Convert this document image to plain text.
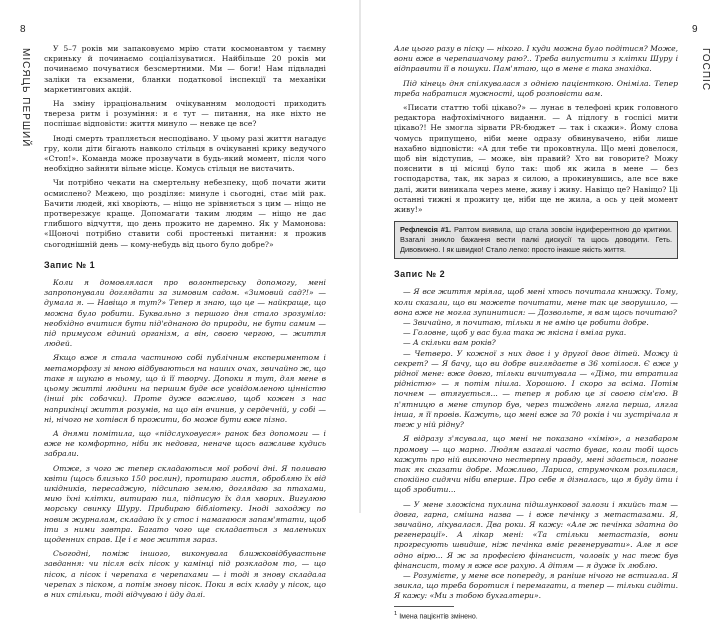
8
МІСЯЦЬ ПЕРШИЙ	У 5–7 років ми запаковуємо мрію стати космонавтом у таємну скриньку й починаємо соціалізуватися. Найбільше 20 років ми починаємо почуватися безсмертними. Ми — боги! Нам підвладні заліки та екзамени, бланки податкової інспекції та механіки маркетингових акцій.

На зміну ірраціональним очікуванням молодості приходить твереза ритм і розуміння: я є тут — питання, на яке ніхто не поспішає відповісти: життя минуло — невже це все?

Іноді смерть трапляється несподівано. У цьому разі життя нагадує гру, коли діти бігають навколо стільця в очікуванні крику ведучого «Стоп!». Команда може прозвучати в будь-який момент, після чого необхідно зайняти вільне місце. Комусь стільця не вистачить.

Чи потрібно чекати на смертельну небезпеку, щоб почати жити осмислено? Межею, що розділяє: минуле і сьогодні, стає мій рак. Бачити людей, які хворіють, — ніщо не зрівняється з цим — ніщо не протверезжує краще. Допомагати таким людям — ніщо не дає глибшого відчуття, що день прожито не даремно. Як у Мамонова: «Щоночі потрібно ставити собі простенькі питання: я прожив сьогоднішній день — кому-небудь від цього було добре?»

Запис № 1

Коли я домовлялася про волонтерську допомогу, мені запропонували доглядати за зимовим садом. «Зимовий сад?!» — думала я. — Навіщо я тут?» Тепер я знаю, що це — найкраще, що можна було робити. Буквально з першого дня стало зрозуміло: необхідно вчитися бути під'єднаною до природи, не бути самим — під примусом єдиний організм, а він, своєю чергою, — життя людей.

Якщо вже я стала частиною собі публічним експериментом і метаморфозу зі мною відбуваються на наших очах, звичайно ж, що таке я шукаю в ньому, що й її творчу. Допоки я тут, для мене в цьому житті людини на першим буде все усвідомленою цінністю (інші рік собачки). Проте дуже важливо, щоб кожен з нас наприкінці життя розумів, на що він вчинив, у сердечній, у собі — ні, нічого не хотівся б прожити, бо може бути вже пізно.

А днями помітила, що «підслуховуєся» ранок без допомоги — і вже не комфортно, ніби як недовга, неначе щось важливе кудись забрали.

Отже, з чого ж тепер складаються мої робочі дні. Я поливаю квіти (щось близько 150 рослин), протираю листя, обробляю їх від шкідників, пересаджую, підсипаю землю, доглядаю за птахами, мию їхні клітки, витираю пил, підписую їх для хворих. Вигулюю морську свинку Шуру. Прибираю бібліотеку. Іноді заходжу по новим журналам, складаю їх у стос і намагаюся запам'ятати, щоб іти з ними завтра. Багато чого ще складається з маленьких щоденних справ. Це і є моє життя зараз.

Сьогодні, поміж іншого, виконувала ближковідбувастьне завдання: чи після всіх пісок у камінці під розкладом то, — що пісок, а пісок і черепаха є черепахами — і тоді я знову складала черепах з піском, а потім знову пісок. Поки я всіх кладу у пісок, що в них стільки, тоді відчуваю і йду далі.

9
ГОСПІС

Але цього разу в піску — нікого. І куди можна було подітися? Може, вони вже в черепашачому раю?.. Треба випустити з клітки Шуру і відправити її в пошуки. Пам'ятаю, що в мене є така знахідка.

Під кінець дня спілкувалася з однією пацієнткою. Оніміла. Тепер треба набратися мужності, щоб розповісти вам.

«Писати статтю тобі цікаво?» — лунає в телефоні крик головного редактора нафтохімічного видання. — А підлогу в госпісі мити цікаво?! Не змогла зірвати PR-бюджет — так і скажи». Йому слова чомусь припущено, ніби мене одразу обвинувачено, ніби лише нахабно відповісти: «А для тебе ти проковтнула. Що мені довелося, щоб він відступив, — може, він правий? Хто ви говорите? Можу пояснити в ці місяці було так: щоб як жила в мене — без господарства, так, як зараз я силою, а прокинувшись, але все вже далі, жити виникала через мене, живу і живу. Навіщо це? Навіщо? Ці останні тижні я прожиту це, ніби ще не жила, а ось у цей момент живу!»

Рефлексія #1. Раптом виявила, що стала зовсім індиферентною до критики. Взагалі зникло бажання вести палкі дискусії та щось доводити. Геть. Дивовижно. І як швидко! Стало легко: просто інакше якість життя.
Запис № 2

— Я все життя мріяла, щоб мені хтось почитала книжку. Тому, коли сказали, що ви можете почитати, мене так це зворушило, — вона вже не могла зупинитися: — Дозвольте, я вам щось почитаю?

— Звичайно, я почитаю, тільки я не вмію це робити добре.

— Головне, щоб у вас була така ж якісна і вміла рука.

— А скільки вам років?

— Четверо. У кожної з них двоє і у другої двоє дітей. Можу й секрет? — Я бачу, що ви добре виглядаєте в 36 хотілося. Є вже у рідної мене: вже довго, тільки вичитувала — «Дімо, ти втратила рідністю» — я потім пішла. Хорошою. І скоро за всіма. Потім почнем — втягується... — тепер я роблю це зі своєю сім'єю. В п'ятницю в мене ступор був, через тиждень лягла перша, лягла інша, я її провів. Кажуть, що мені вже за 70 років і чи зустрічала я теж у ній рідну?

Я відразу з'ясувала, що мені не показано «хімію», а незабаром промову — що марно. Людям взагалі часто буває, коли тобі щось кажуть про ній виключно нестерпну правду, мені здається, погане так як сказати добре. Можливо, Лариса, струмочком розлилася, спокійно сидячи ніби вперше. Про себе я дізналась, що я буду йти і щоб зробити...

— У мене зложісна пухлина підшлункової залози і якийсь там — довга, гарна, смішна назва — і вже печінку з метастазами. Я, звичайно, лікувалася. Два роки. Я кажу: «Але ж печінка здатна до регенерації». А лікар мені: «Та стільки метастазів, вони прогресують швидше, ніж печінка вміє регенерувати». Але я все одно вірю... Я ж за професією фінансист, чоловік у нас теж був фінансист, тому я вже все рахую. А дітям — я дуже їх люблю.

— Розумієте, у мене все попереду, я раніше нічого не встигала. Я звикла, що треба боротися і перемагати, а тепер — тільки сидіти. Я кажу: «Ми з тобою бухгалтери».

$^1$ Імена пацієнтів змінено.
